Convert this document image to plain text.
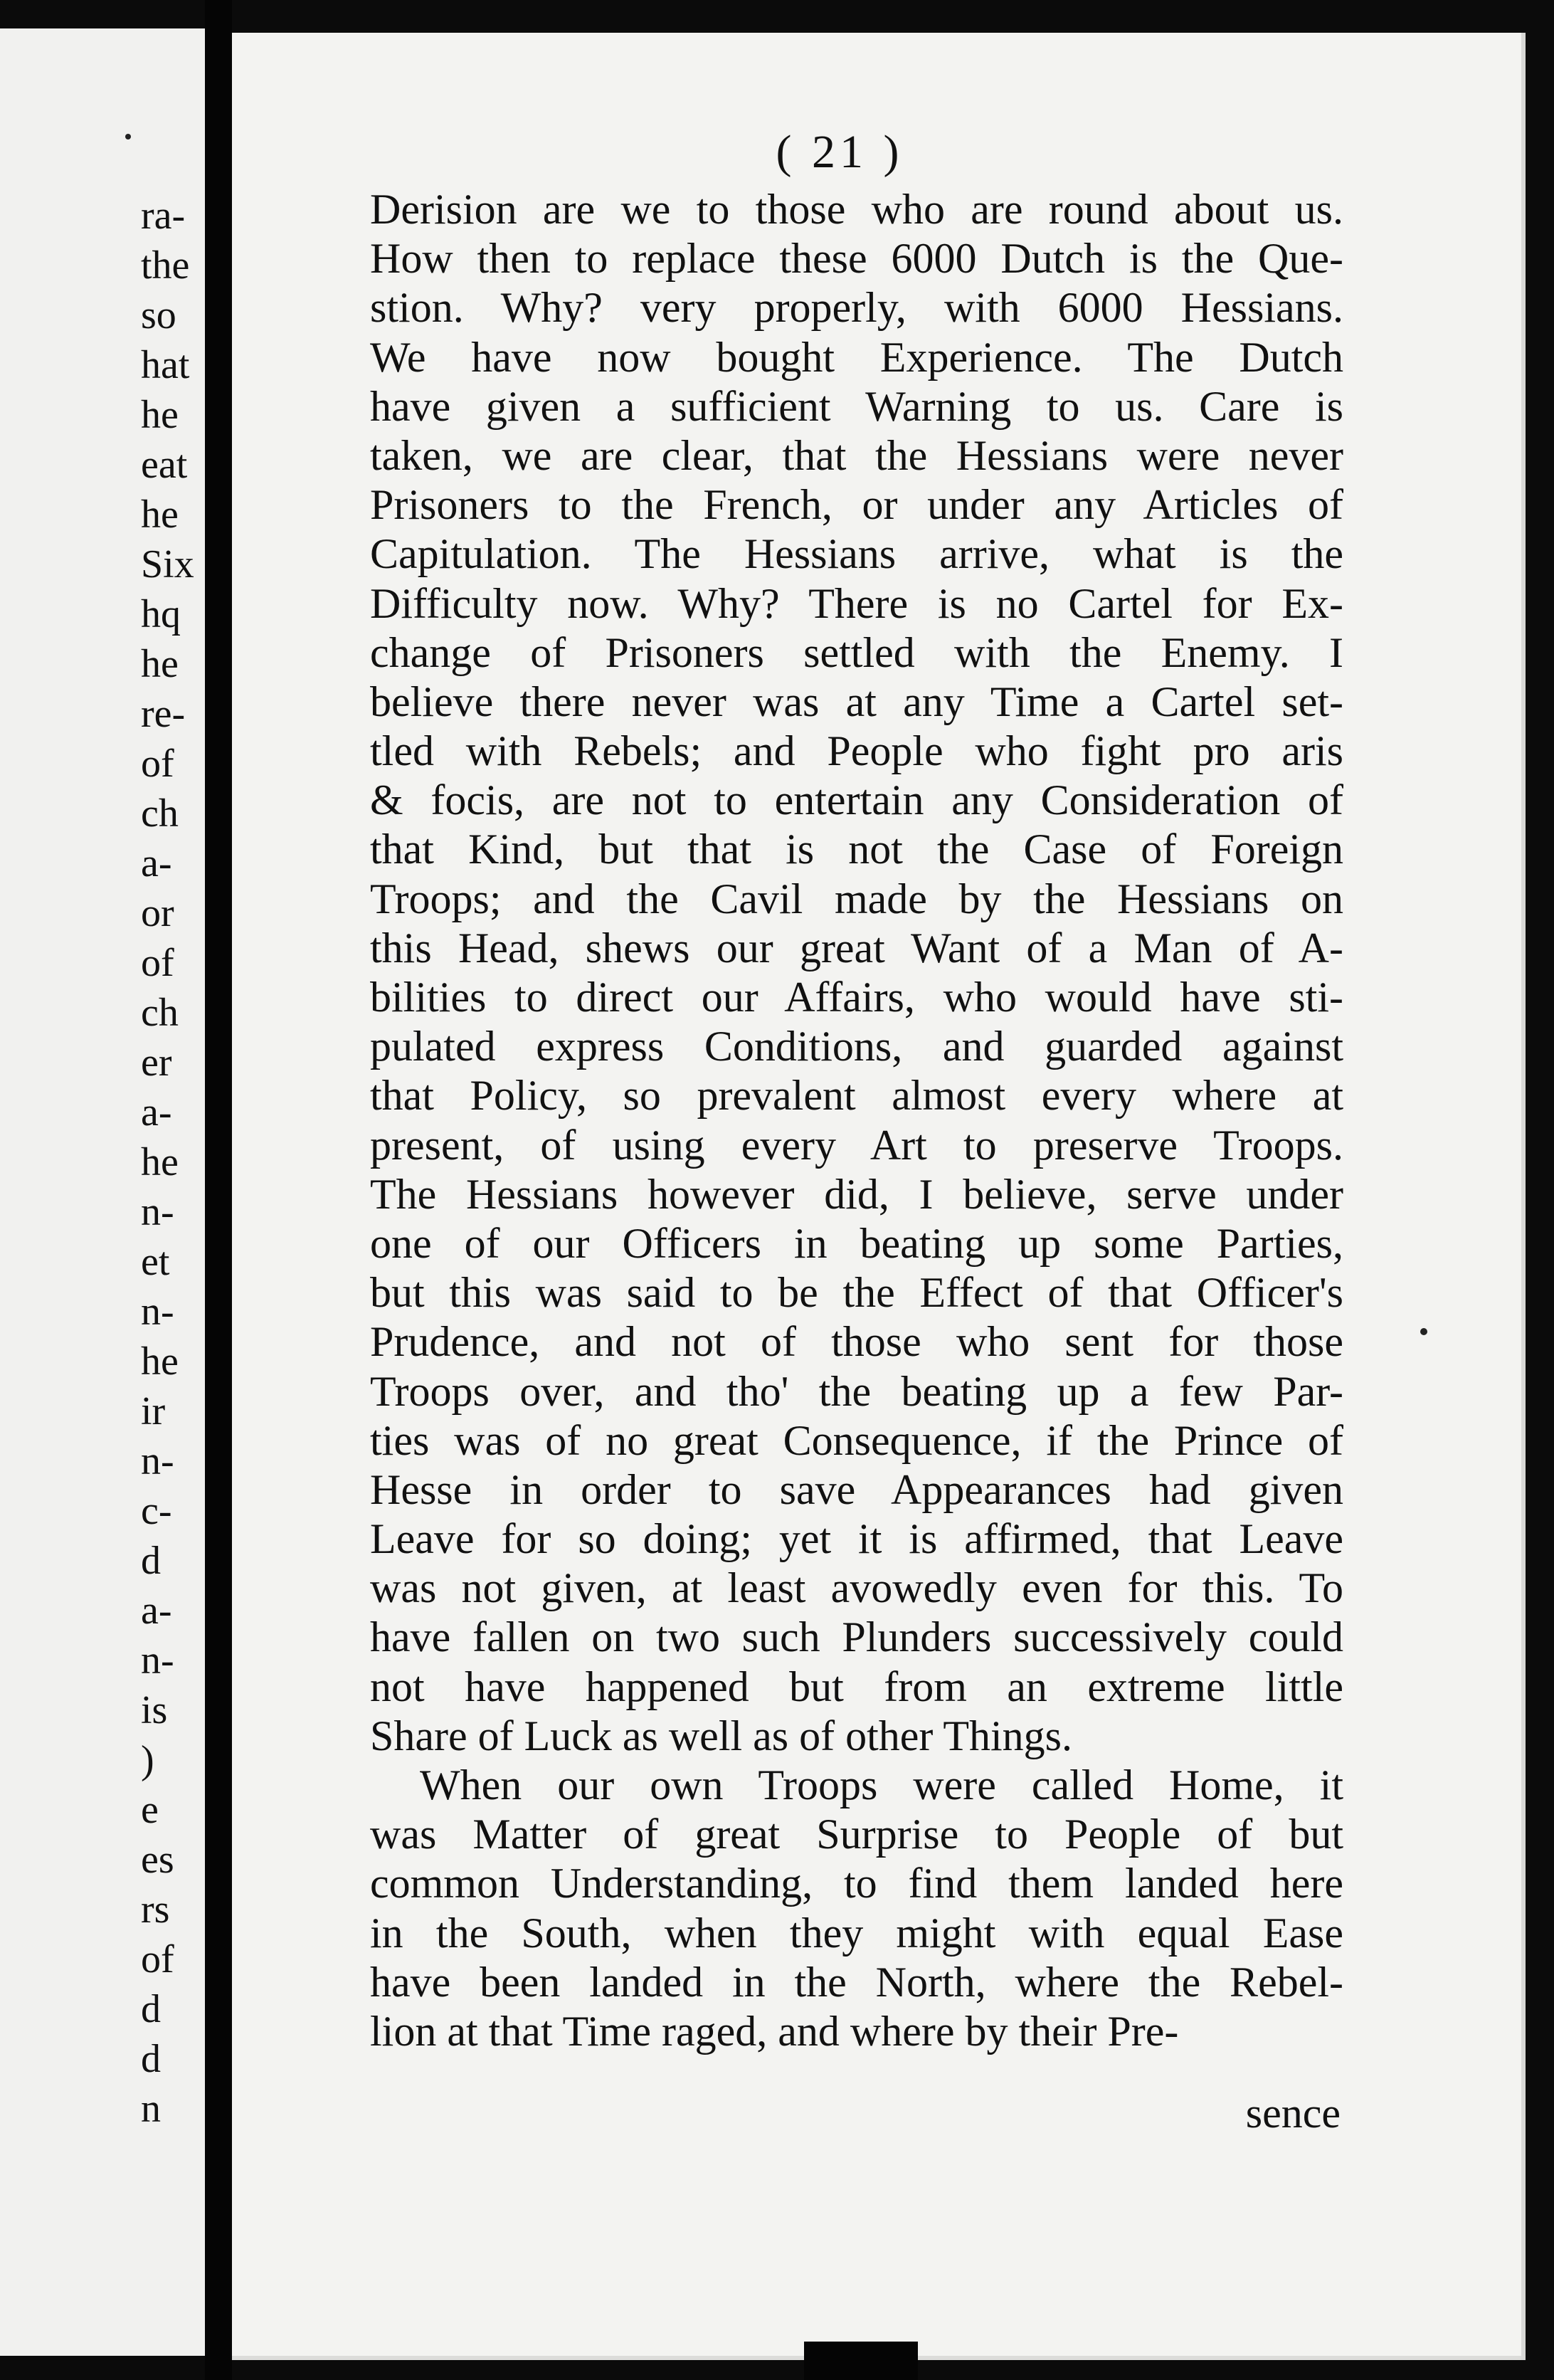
ra-
the
so
hat
he
eat
he
Six
hq
he
re-
of
ch
a-
or
of
ch
er
a-
he
n-
et
n-
he
ir
n-
c-
d
a-
n-
is
)
e
es
rs
of
d
d
n
( 21 )
Derision are we to those who are round about us.
How then to replace these 6000 Dutch is the Que-
stion. Why? very properly, with 6000 Hessians.
We have now bought Experience. The Dutch
have given a sufficient Warning to us. Care is
taken, we are clear, that the Hessians were never
Prisoners to the French, or under any Articles of
Capitulation. The Hessians arrive, what is the
Difficulty now. Why? There is no Cartel for Ex-
change of Prisoners settled with the Enemy. I
believe there never was at any Time a Cartel set-
tled with Rebels; and People who fight pro aris
& focis, are not to entertain any Consideration of
that Kind, but that is not the Case of Foreign
Troops; and the Cavil made by the Hessians on
this Head, shews our great Want of a Man of A-
bilities to direct our Affairs, who would have sti-
pulated express Conditions, and guarded against
that Policy, so prevalent almost every where at
present, of using every Art to preserve Troops.
The Hessians however did, I believe, serve under
one of our Officers in beating up some Parties,
but this was said to be the Effect of that Officer's
Prudence, and not of those who sent for those
Troops over, and tho' the beating up a few Par-
ties was of no great Consequence, if the Prince of
Hesse in order to save Appearances had given
Leave for so doing; yet it is affirmed, that Leave
was not given, at least avowedly even for this. To
have fallen on two such Plunders successively could
not have happened but from an extreme little
Share of Luck as well as of other Things.
When our own Troops were called Home, it
was Matter of great Surprise to People of but
common Understanding, to find them landed here
in the South, when they might with equal Ease
have been landed in the North, where the Rebel-
lion at that Time raged, and where by their Pre-
sence
